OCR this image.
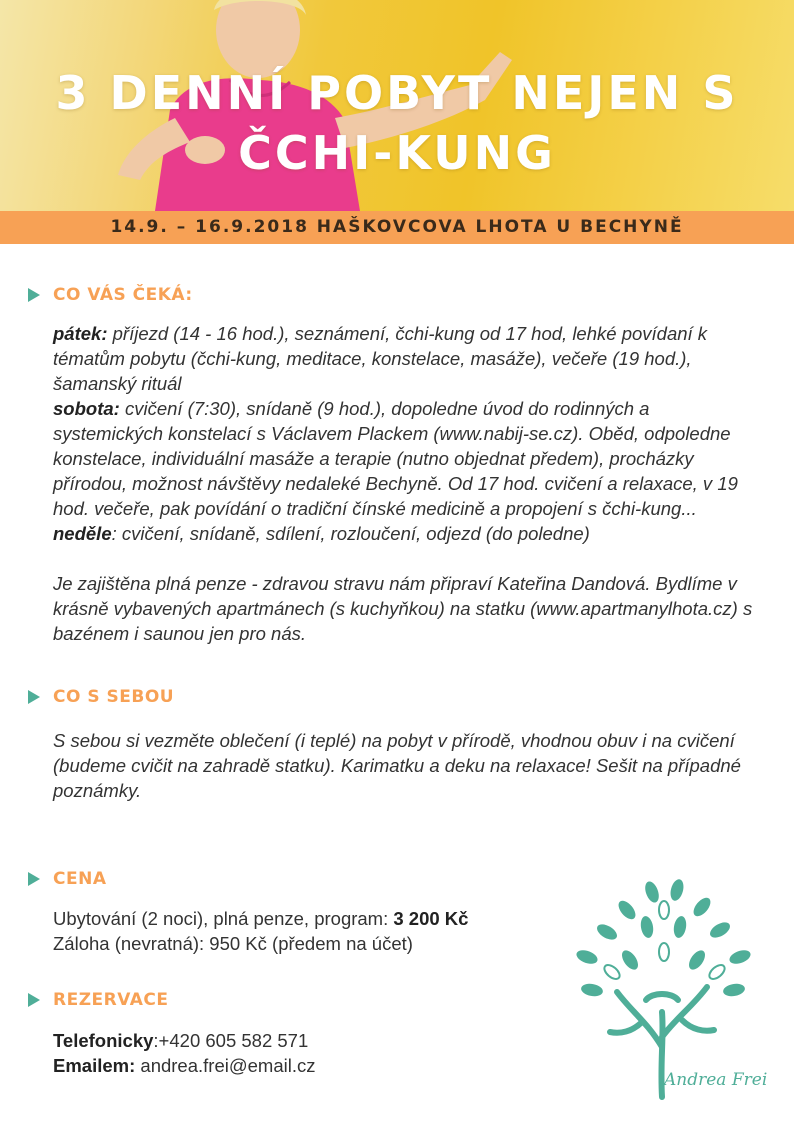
3 DENNÍ POBYT NEJEN S
ČCHI-KUNG
14.9. – 16.9.2018 HAŠKOVCOVA LHOTA U BECHYNĚ
CO VÁS ČEKÁ:

pátek: příjezd (14 - 16 hod.), seznámení, čchi-kung od 17 hod, lehké povídaní k tématům pobytu (čchi-kung, meditace, konstelace, masáže), večeře (19 hod.), šamanský rituál

sobota: cvičení (7:30), snídaně (9 hod.), dopoledne úvod do rodinných a systemických konstelací s Václavem Plackem (www.nabij-se.cz). Oběd, odpoledne konstelace, individuální masáže a terapie (nutno objednat předem), procházky přírodou, možnost návštěvy nedaleké Bechyně. Od 17 hod. cvičení a relaxace, v 19 hod. večeře, pak povídání o tradiční čínské medicině a propojení s čchi-kung...

neděle: cvičení, snídaně, sdílení, rozloučení, odjezd (do poledne)

Je zajištěna plná penze - zdravou stravu nám připraví Kateřina Dandová. Bydlíme v krásně vybavených apartmánech (s kuchyňkou) na statku (www.apartmanylhota.cz) s bazénem i saunou jen pro nás.

CO S SEBOU

S sebou si vezměte oblečení (i teplé) na pobyt v přírodě, vhodnou obuv i na cvičení (budeme cvičit na zahradě statku). Karimatku a deku na relaxace! Sešit na případné poznámky.

CENA

Ubytování (2 noci), plná penze, program: 3 200 Kč

Záloha (nevratná): 950 Kč (předem na účet)

REZERVACE

Telefonicky:+420 605 582 571

Emailem: andrea.frei@email.cz

Andrea Frei
